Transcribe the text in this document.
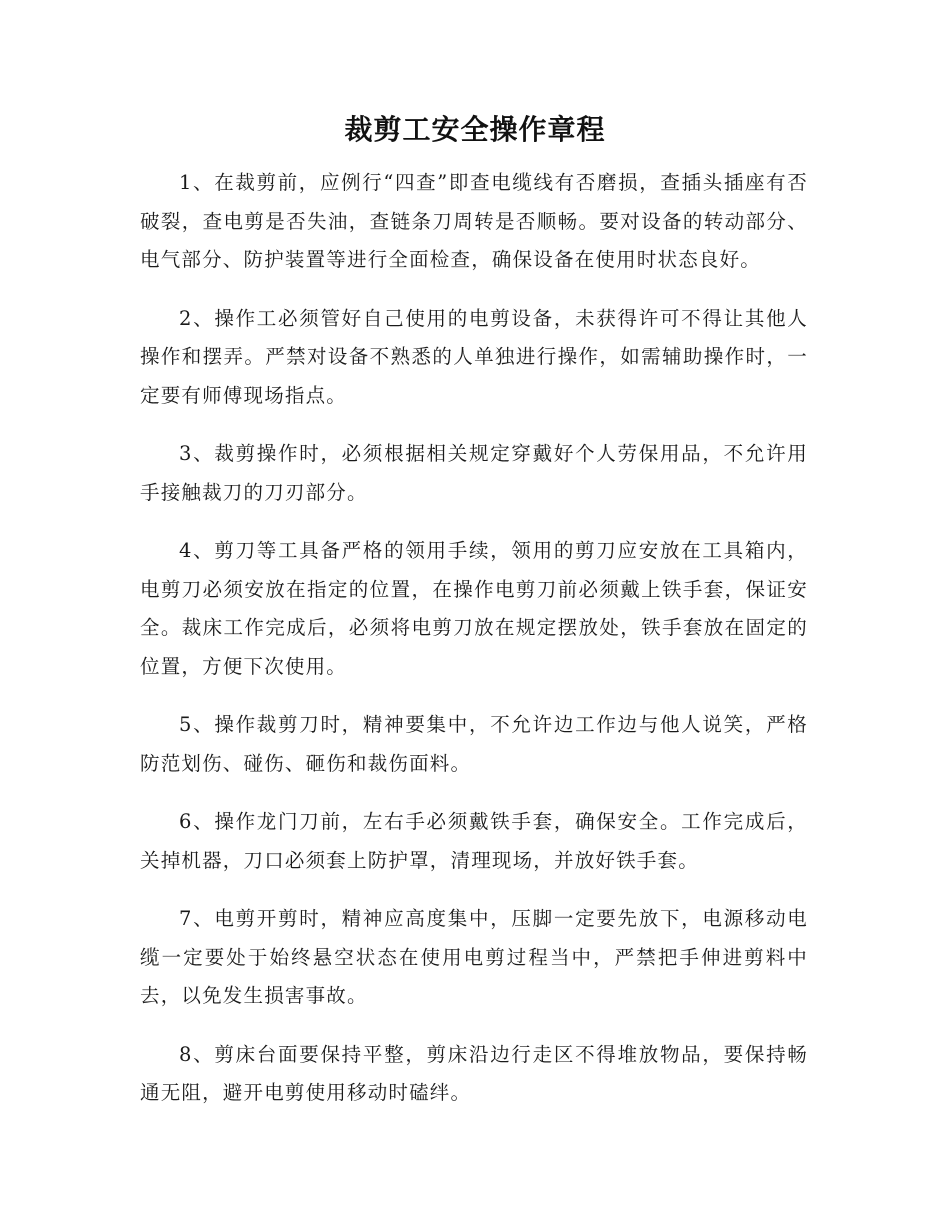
裁剪工安全操作章程

1、在裁剪前，应例行“四查”即查电缆线有否磨损，查插头插座有否破裂，查电剪是否失油，查链条刀周转是否顺畅。要对设备的转动部分、电气部分、防护装置等进行全面检查，确保设备在使用时状态良好。

2、操作工必须管好自己使用的电剪设备，未获得许可不得让其他人操作和摆弄。严禁对设备不熟悉的人单独进行操作，如需辅助操作时，一定要有师傅现场指点。

3、裁剪操作时，必须根据相关规定穿戴好个人劳保用品，不允许用手接触裁刀的刀刃部分。

4、剪刀等工具备严格的领用手续，领用的剪刀应安放在工具箱内，电剪刀必须安放在指定的位置，在操作电剪刀前必须戴上铁手套，保证安全。裁床工作完成后，必须将电剪刀放在规定摆放处，铁手套放在固定的位置，方便下次使用。

5、操作裁剪刀时，精神要集中，不允许边工作边与他人说笑，严格防范划伤、碰伤、砸伤和裁伤面料。

6、操作龙门刀前，左右手必须戴铁手套，确保安全。工作完成后，关掉机器，刀口必须套上防护罩，清理现场，并放好铁手套。

7、电剪开剪时，精神应高度集中，压脚一定要先放下，电源移动电缆一定要处于始终悬空状态在使用电剪过程当中，严禁把手伸进剪料中去，以免发生损害事故。

8、剪床台面要保持平整，剪床沿边行走区不得堆放物品，要保持畅通无阻，避开电剪使用移动时磕绊。
